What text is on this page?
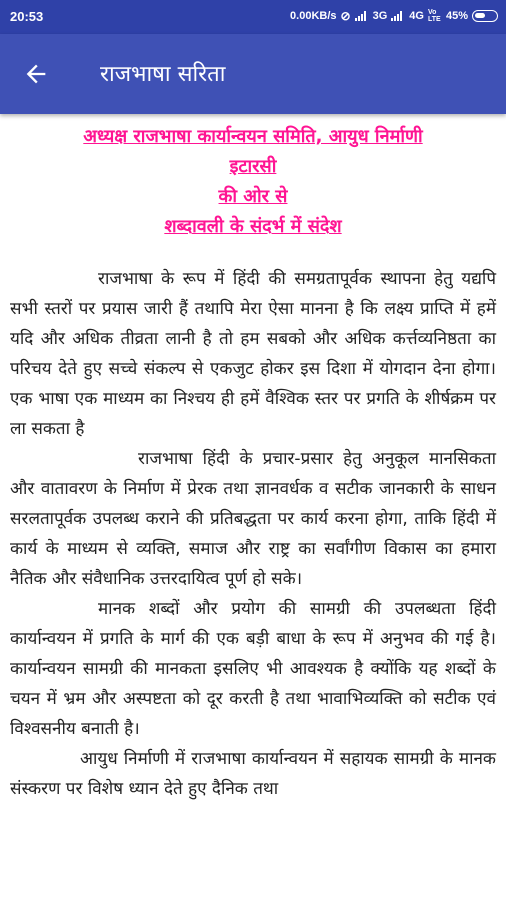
20:53	0.00KB/s ⊘ 3G 4G Vo LTE 45%
राजभाषा सरिता
अध्यक्ष राजभाषा कार्यान्वयन समिति, आयुध निर्माणी
इटारसी
की ओर से
शब्दावली के संदर्भ में संदेश

राजभाषा के रूप में हिंदी की समग्रतापूर्वक स्थापना हेतु यद्यपि सभी स्तरों पर प्रयास जारी हैं तथापि मेरा ऐसा मानना है कि लक्ष्य प्राप्ति में हमें यदि और अधिक तीव्रता लानी है तो हम सबको और अधिक कर्त्तव्यनिष्ठता का परिचय देते हुए सच्चे संकल्प से एकजुट होकर इस दिशा में योगदान देना होगा। एक भाषा एक माध्यम का निश्चय ही हमें वैश्विक स्तर पर प्रगति के शीर्षक्रम पर ला सकता है

राजभाषा हिंदी के प्रचार-प्रसार हेतु अनुकूल मानसिकता और वातावरण के निर्माण में प्रेरक तथा ज्ञानवर्धक व सटीक जानकारी के साधन सरलतापूर्वक उपलब्ध कराने की प्रतिबद्धता पर कार्य करना होगा, ताकि हिंदी में कार्य के माध्यम से व्यक्ति, समाज और राष्ट्र का सर्वांगीण विकास का हमारा नैतिक और संवैधानिक उत्तरदायित्व पूर्ण हो सके।

मानक शब्दों और प्रयोग की सामग्री की उपलब्धता हिंदी कार्यान्वयन में प्रगति के मार्ग की एक बड़ी बाधा के रूप में अनुभव की गई है। कार्यान्वयन सामग्री की मानकता इसलिए भी आवश्यक है क्योंकि यह शब्दों के चयन में भ्रम और अस्पष्टता को दूर करती है तथा भावाभिव्यक्ति को सटीक एवं विश्वसनीय बनाती है।

आयुध निर्माणी में राजभाषा कार्यान्वयन में सहायक सामग्री के मानक संस्करण पर विशेष ध्यान देते हुए दैनिक तथा
